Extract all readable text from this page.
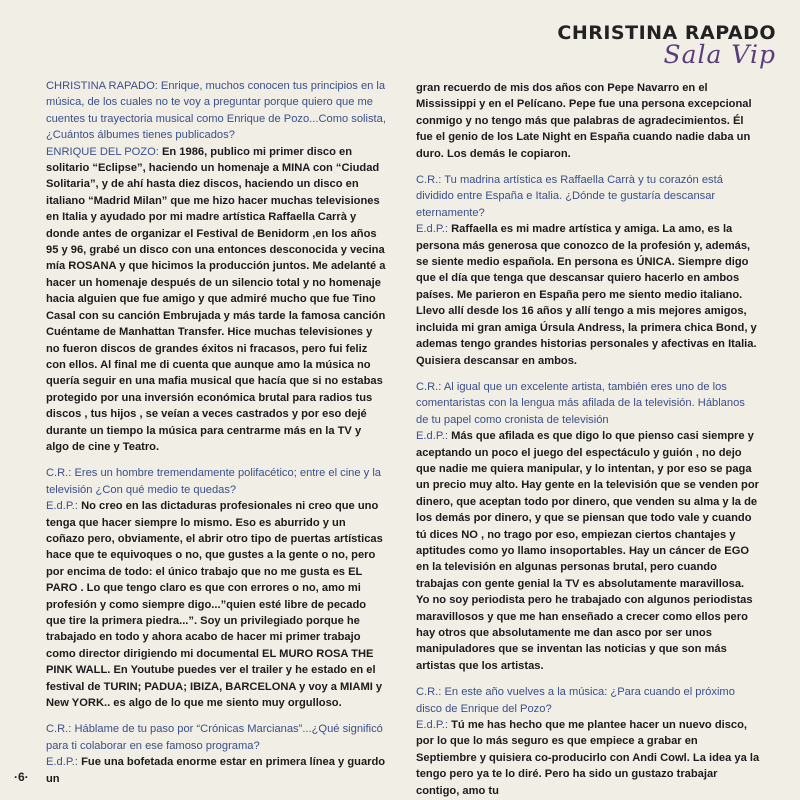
CHRISTINA RAPADO
Sala Vip

CHRISTINA RAPADO: Enrique, muchos conocen tus principios en la música, de los cuales no te voy a preguntar porque quiero que me cuentes tu trayectoria musical como Enrique de Pozo...Como solista, ¿Cuántos álbumes tienes publicados?

ENRIQUE DEL POZO: En 1986, publico mi primer disco en solitario “Eclipse”, haciendo un homenaje a MINA con “Ciudad Solitaria”, y de ahí hasta diez discos, haciendo un disco en italiano “Madrid Milan” que me hizo hacer muchas televisiones en Italia y ayudado por mi madre artística Raffaella Carrà y donde antes de organizar el Festival de Benidorm ,en los años 95 y 96, grabé un disco con una entonces desconocida y vecina mía ROSANA y que hicimos la producción juntos. Me adelanté a hacer un homenaje después de un silencio total y no homenaje hacia alguien que fue amigo y que admiré mucho que fue Tino Casal con su canción Embrujada y más tarde la famosa canción Cuéntame de Manhattan Transfer. Hice muchas televisiones y no fueron discos de grandes éxitos ni fracasos, pero fui feliz con ellos. Al final me di cuenta que aunque amo la música no quería seguir en una mafia musical que hacía que si no estabas protegido por una inversión económica brutal para radios tus discos , tus hijos , se veían a veces castrados y por eso dejé durante un tiempo la música para centrarme más en la TV y algo de cine y Teatro.

C.R.: Eres un hombre tremendamente polifacético; entre el cine y la televisión ¿Con qué medio te quedas?

E.d.P.: No creo en las dictaduras profesionales ni creo que uno tenga que hacer siempre lo mismo. Eso es aburrido y un coñazo pero, obviamente, el abrir otro tipo de puertas artísticas hace que te equivoques o no, que gustes a la gente o no, pero por encima de todo: el único trabajo que no me gusta es EL PARO . Lo que tengo claro es que con errores o no, amo mi profesión y como siempre digo...”quien esté libre de pecado que tire la primera piedra...”. Soy un privilegiado porque he trabajado en todo y ahora acabo de hacer mi primer trabajo como director dirigiendo mi documental EL MURO ROSA THE PINK WALL. En Youtube puedes ver el trailer y he estado en el festival de TURIN; PADUA; IBIZA, BARCELONA y voy a MIAMI y New YORK.. es algo de lo que me siento muy orgulloso.

C.R.: Háblame de tu paso por “Crónicas Marcianas”...¿Qué significó para ti colaborar en ese famoso programa?

E.d.P.: Fue una bofetada enorme estar en primera línea y guardo un

gran recuerdo de mis dos años con Pepe Navarro en el Mississippi y en el Pelícano. Pepe fue una persona excepcional conmigo y no tengo más que palabras de agradecimientos. Él fue el genio de los Late Night en España cuando nadie daba un duro. Los demás le copiaron.

C.R.: Tu madrina artística es Raffaella Carrà y tu corazón está dividido entre España e Italia. ¿Dónde te gustaría descansar eternamente?

E.d.P.: Raffaella es mi madre artística y amiga. La amo, es la persona más generosa que conozco de la profesión y, además, se siente medio española. En persona es ÚNICA. Siempre digo que el día que tenga que descansar quiero hacerlo en ambos países. Me parieron en España pero me siento medio italiano. Llevo allí desde los 16 años y allí tengo a mis mejores amigos, incluida mi gran amiga Úrsula Andress, la primera chica Bond, y ademas tengo grandes historias personales y afectivas en Italia. Quisiera descansar en ambos.

C.R.: Al igual que un excelente artista, también eres uno de los comentaristas con la lengua más afilada de la televisión. Háblanos de tu papel como cronista de televisión

E.d.P.: Más que afilada es que digo lo que pienso casi siempre y aceptando un poco el juego del espectáculo y guión , no dejo que nadie me quiera manipular, y lo intentan, y por eso se paga un precio muy alto. Hay gente en la televisión que se venden por dinero, que aceptan todo por dinero, que venden su alma y la de los demás por dinero, y que se piensan que todo vale y cuando tú dices NO , no trago por eso, empiezan ciertos chantajes y aptitudes como yo llamo insoportables. Hay un cáncer de EGO en la televisión en algunas personas brutal, pero cuando trabajas con gente genial la TV es absolutamente maravillosa. Yo no soy periodista pero he trabajado con algunos periodistas maravillosos y que me han enseñado a crecer como ellos pero hay otros que absolutamente me dan asco por ser unos manipuladores que se inventan las noticias y que son más artistas que los artistas.

C.R.: En este año vuelves a la música: ¿Para cuando el próximo disco de Enrique del Pozo?

E.d.P.: Tú me has hecho que me plantee hacer un nuevo disco, por lo que lo más seguro es que empiece a grabar en Septiembre y quisiera co-producirlo con Andi Cowl. La idea ya la tengo pero ya te lo diré. Pero ha sido un gustazo trabajar contigo, amo tu

·6·
